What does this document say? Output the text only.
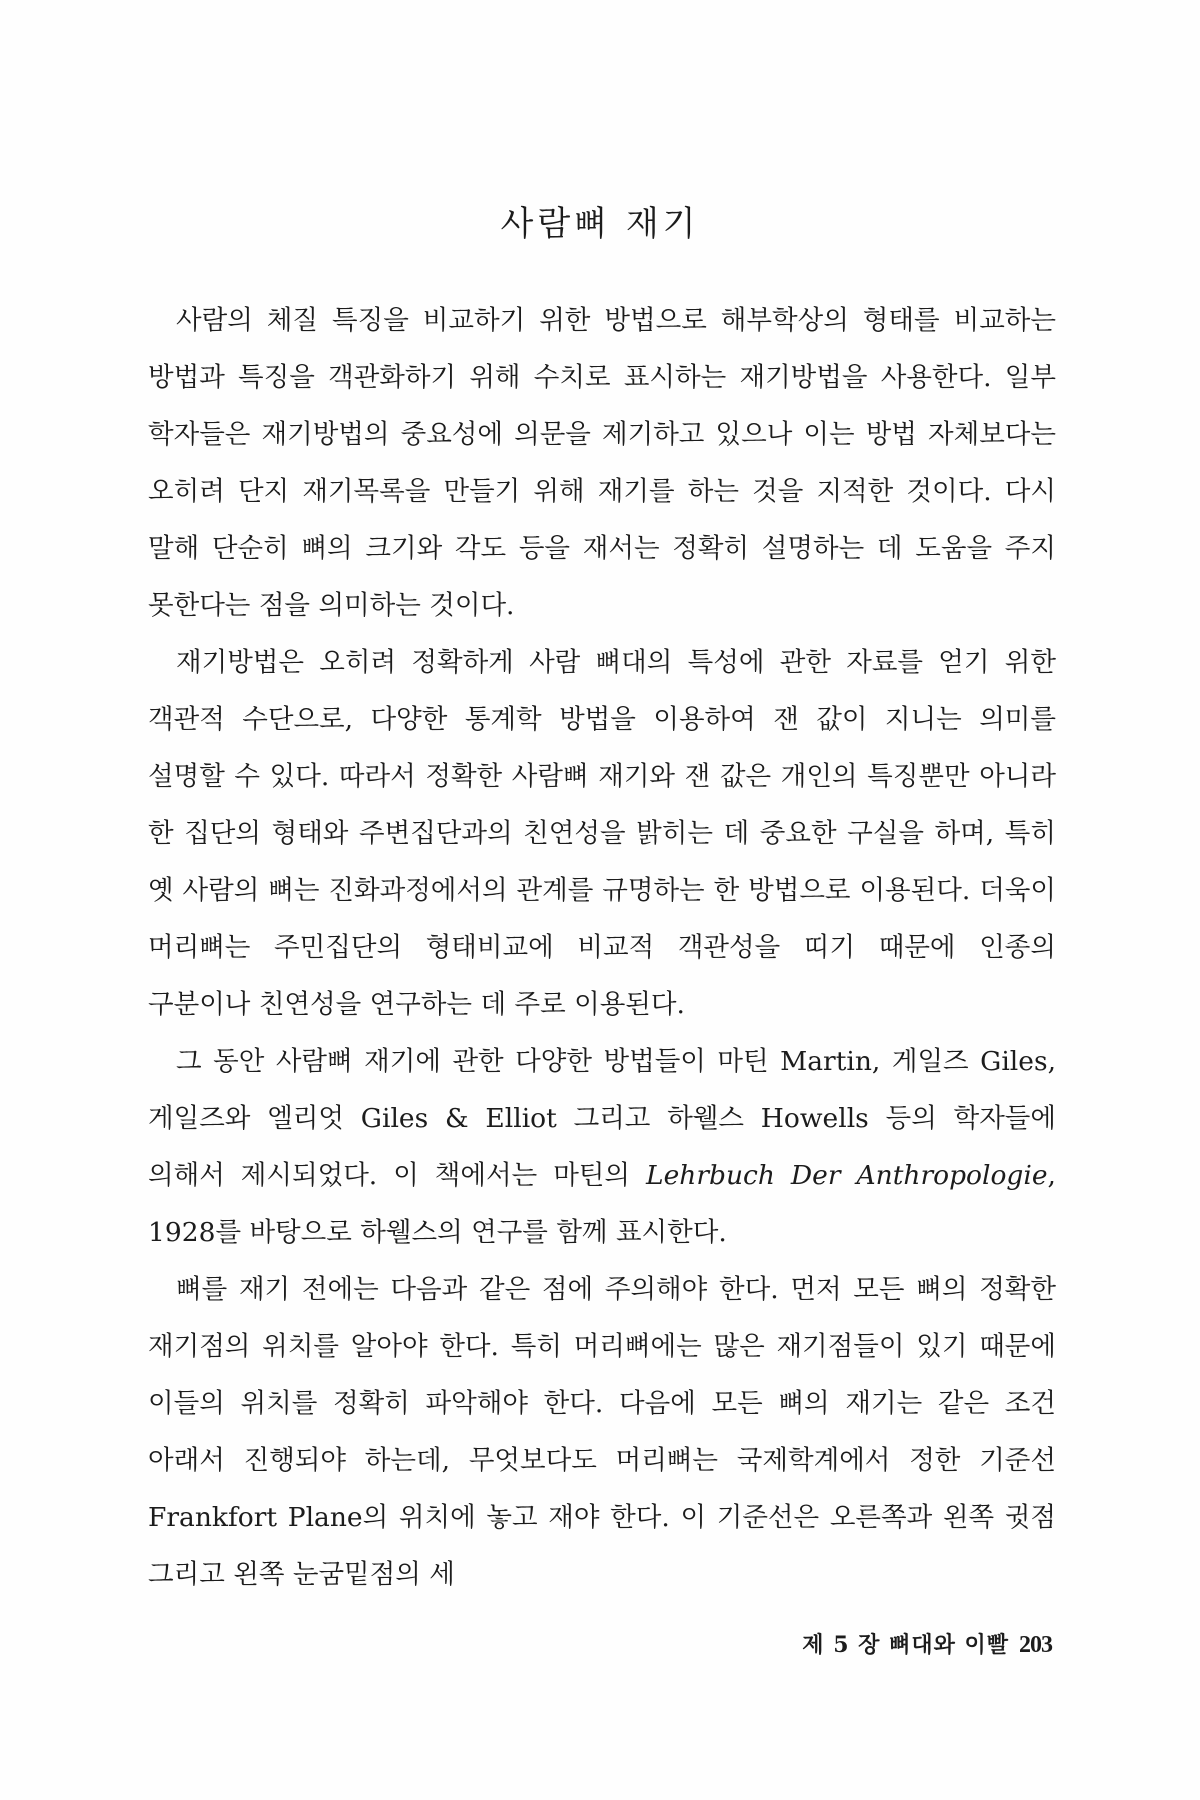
사람뼈 재기

사람의 체질 특징을 비교하기 위한 방법으로 해부학상의 형태를 비교하는 방법과 특징을 객관화하기 위해 수치로 표시하는 재기방법을 사용한다. 일부 학자들은 재기방법의 중요성에 의문을 제기하고 있으나 이는 방법 자체보다는 오히려 단지 재기목록을 만들기 위해 재기를 하는 것을 지적한 것이다. 다시 말해 단순히 뼈의 크기와 각도 등을 재서는 정확히 설명하는 데 도움을 주지 못한다는 점을 의미하는 것이다.

재기방법은 오히려 정확하게 사람 뼈대의 특성에 관한 자료를 얻기 위한 객관적 수단으로, 다양한 통계학 방법을 이용하여 잰 값이 지니는 의미를 설명할 수 있다. 따라서 정확한 사람뼈 재기와 잰 값은 개인의 특징뿐만 아니라 한 집단의 형태와 주변집단과의 친연성을 밝히는 데 중요한 구실을 하며, 특히 옛 사람의 뼈는 진화과정에서의 관계를 규명하는 한 방법으로 이용된다. 더욱이 머리뼈는 주민집단의 형태비교에 비교적 객관성을 띠기 때문에 인종의 구분이나 친연성을 연구하는 데 주로 이용된다.

그 동안 사람뼈 재기에 관한 다양한 방법들이 마틴 Martin, 게일즈 Giles, 게일즈와 엘리엇 Giles & Elliot 그리고 하웰스 Howells 등의 학자들에 의해서 제시되었다. 이 책에서는 마틴의 Lehrbuch Der Anthropologie, 1928를 바탕으로 하웰스의 연구를 함께 표시한다.

뼈를 재기 전에는 다음과 같은 점에 주의해야 한다. 먼저 모든 뼈의 정확한 재기점의 위치를 알아야 한다. 특히 머리뼈에는 많은 재기점들이 있기 때문에 이들의 위치를 정확히 파악해야 한다. 다음에 모든 뼈의 재기는 같은 조건 아래서 진행되야 하는데, 무엇보다도 머리뼈는 국제학계에서 정한 기준선 Frankfort Plane의 위치에 놓고 재야 한다. 이 기준선은 오른쪽과 왼쪽 귓점 그리고 왼쪽 눈굼밑점의 세

제 5 장 뼈대와 이빨 203
